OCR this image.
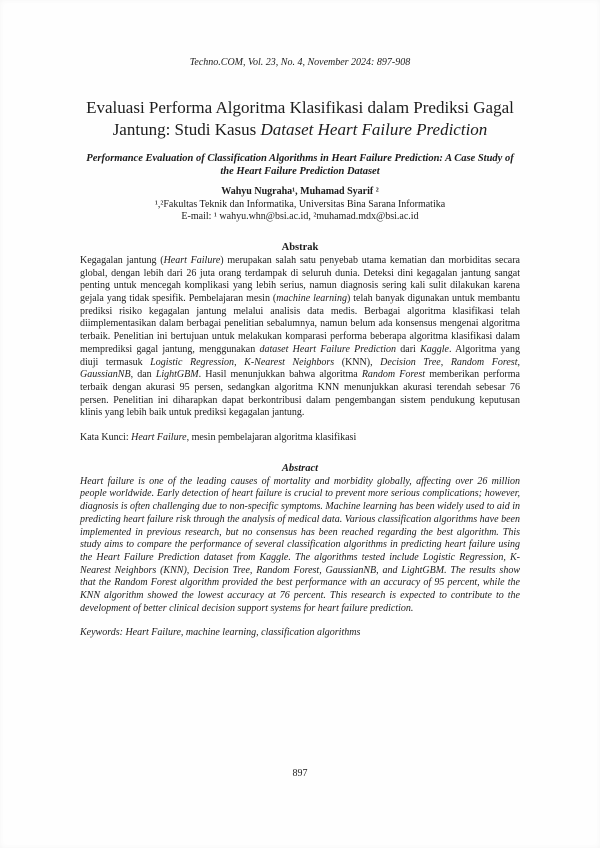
Techno.COM, Vol. 23, No. 4, November 2024: 897-908
Evaluasi Performa Algoritma Klasifikasi dalam Prediksi Gagal Jantung: Studi Kasus Dataset Heart Failure Prediction
Performance Evaluation of Classification Algorithms in Heart Failure Prediction: A Case Study of the Heart Failure Prediction Dataset
Wahyu Nugraha¹, Muhamad Syarif ²
¹,²Fakultas Teknik dan Informatika, Universitas Bina Sarana Informatika
E-mail: ¹ wahyu.whn@bsi.ac.id, ²muhamad.mdx@bsi.ac.id
Abstrak
Kegagalan jantung (Heart Failure) merupakan salah satu penyebab utama kematian dan morbiditas secara global, dengan lebih dari 26 juta orang terdampak di seluruh dunia. Deteksi dini kegagalan jantung sangat penting untuk mencegah komplikasi yang lebih serius, namun diagnosis sering kali sulit dilakukan karena gejala yang tidak spesifik. Pembelajaran mesin (machine learning) telah banyak digunakan untuk membantu prediksi risiko kegagalan jantung melalui analisis data medis. Berbagai algoritma klasifikasi telah diimplementasikan dalam berbagai penelitian sebalumnya, namun belum ada konsensus mengenai algoritma terbaik. Penelitian ini bertujuan untuk melakukan komparasi performa beberapa algoritma klasifikasi dalam memprediksi gagal jantung, menggunakan dataset Heart Failure Prediction dari Kaggle. Algoritma yang diuji termasuk Logistic Regression, K-Nearest Neighbors (KNN), Decision Tree, Random Forest, GaussianNB, dan LightGBM. Hasil menunjukkan bahwa algoritma Random Forest memberikan performa terbaik dengan akurasi 95 persen, sedangkan algoritma KNN menunjukkan akurasi terendah sebesar 76 persen. Penelitian ini diharapkan dapat berkontribusi dalam pengembangan sistem pendukung keputusan klinis yang lebih baik untuk prediksi kegagalan jantung.
Kata Kunci: Heart Failure, mesin pembelajaran algoritma klasifikasi
Abstract
Heart failure is one of the leading causes of mortality and morbidity globally, affecting over 26 million people worldwide. Early detection of heart failure is crucial to prevent more serious complications; however, diagnosis is often challenging due to non-specific symptoms. Machine learning has been widely used to aid in predicting heart failure risk through the analysis of medical data. Various classification algorithms have been implemented in previous research, but no consensus has been reached regarding the best algorithm. This study aims to compare the performance of several classification algorithms in predicting heart failure using the Heart Failure Prediction dataset from Kaggle. The algorithms tested include Logistic Regression, K-Nearest Neighbors (KNN), Decision Tree, Random Forest, GaussianNB, and LightGBM. The results show that the Random Forest algorithm provided the best performance with an accuracy of 95 percent, while the KNN algorithm showed the lowest accuracy at 76 percent. This research is expected to contribute to the development of better clinical decision support systems for heart failure prediction.
Keywords: Heart Failure, machine learning, classification algorithms
897
